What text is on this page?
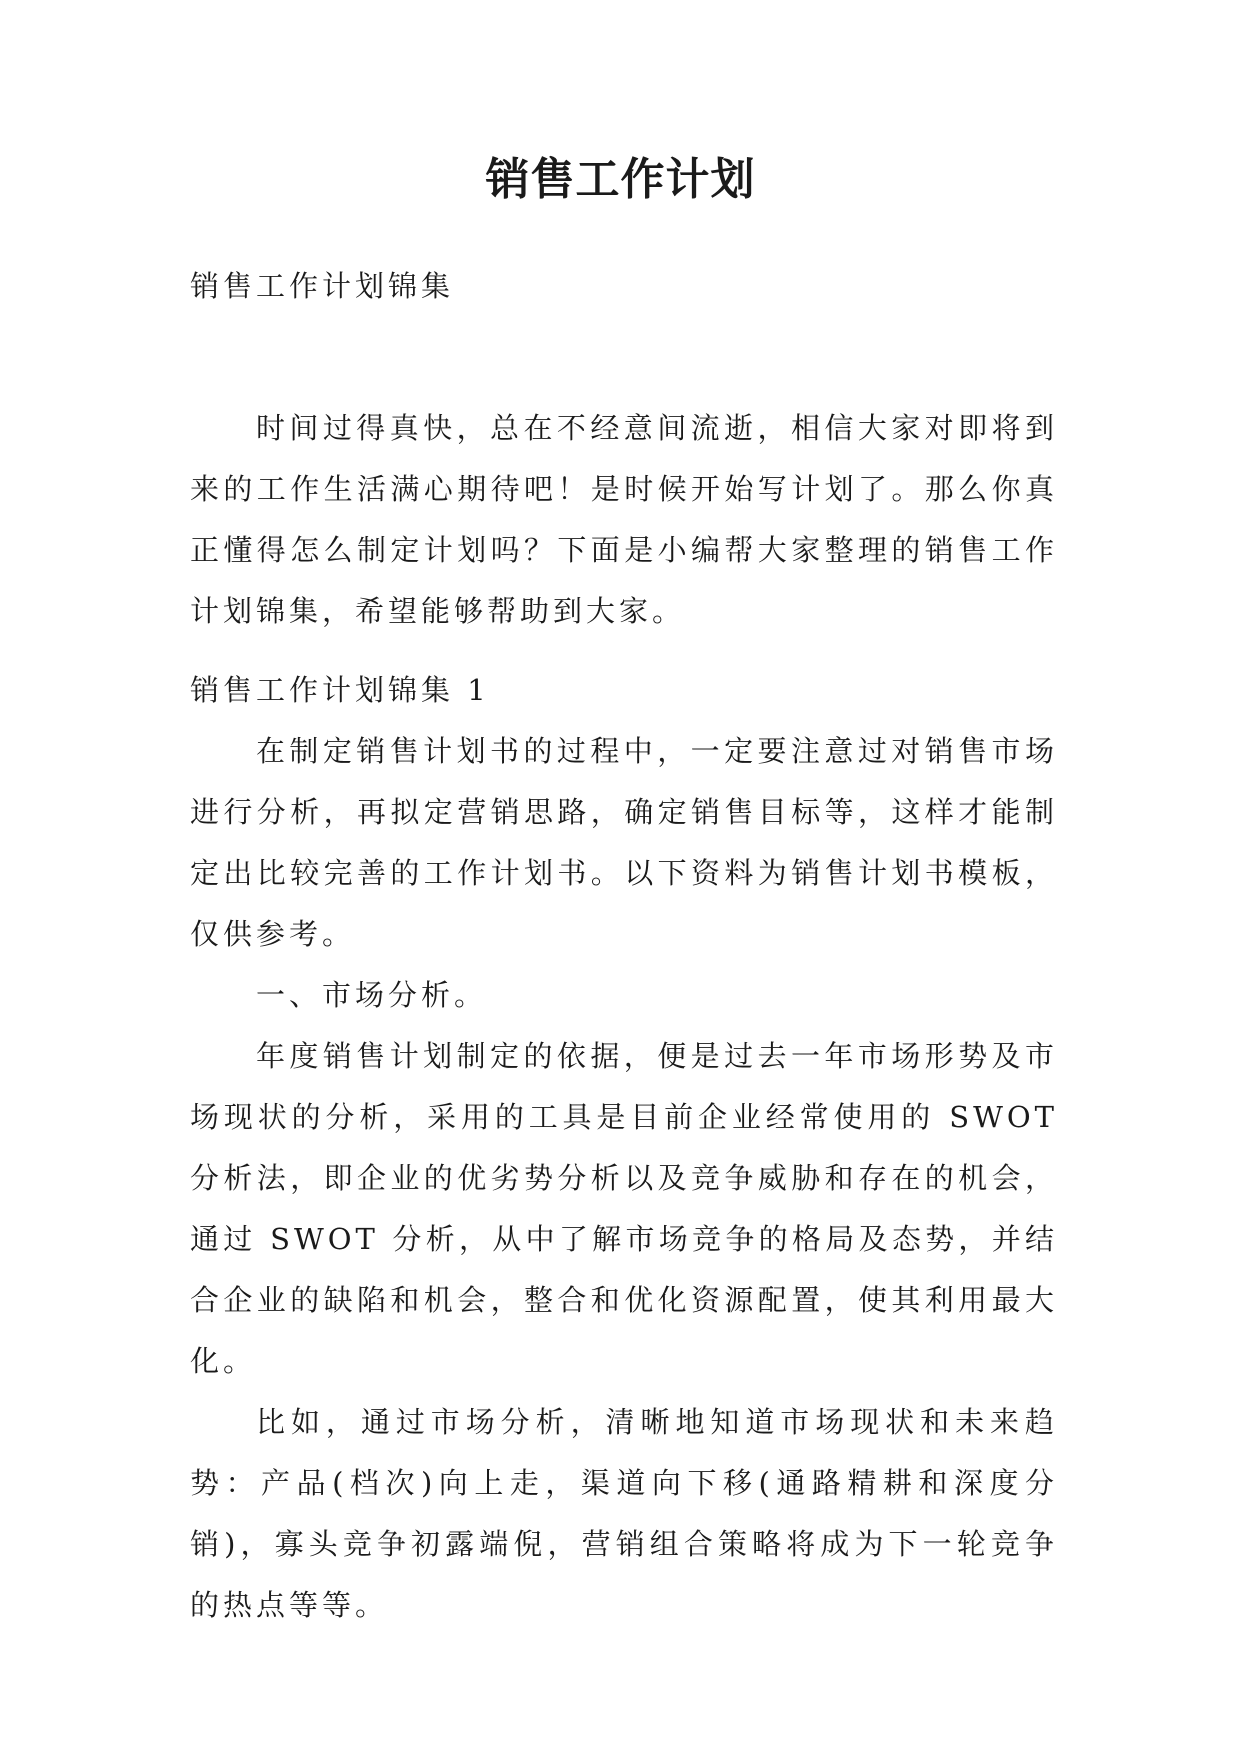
销售工作计划

销售工作计划锦集

时间过得真快，总在不经意间流逝，相信大家对即将到来的工作生活满心期待吧！是时候开始写计划了。那么你真正懂得怎么制定计划吗？下面是小编帮大家整理的销售工作计划锦集，希望能够帮助到大家。

销售工作计划锦集 1

在制定销售计划书的过程中，一定要注意过对销售市场进行分析，再拟定营销思路，确定销售目标等，这样才能制定出比较完善的工作计划书。以下资料为销售计划书模板，仅供参考。

一、市场分析。

年度销售计划制定的依据，便是过去一年市场形势及市场现状的分析，采用的工具是目前企业经常使用的 SWOT 分析法，即企业的优劣势分析以及竞争威胁和存在的机会，通过 SWOT 分析，从中了解市场竞争的格局及态势，并结合企业的缺陷和机会，整合和优化资源配置，使其利用最大化。

比如，通过市场分析，清晰地知道市场现状和未来趋势：产品(档次)向上走，渠道向下移(通路精耕和深度分销)，寡头竞争初露端倪，营销组合策略将成为下一轮竞争的热点等等。
